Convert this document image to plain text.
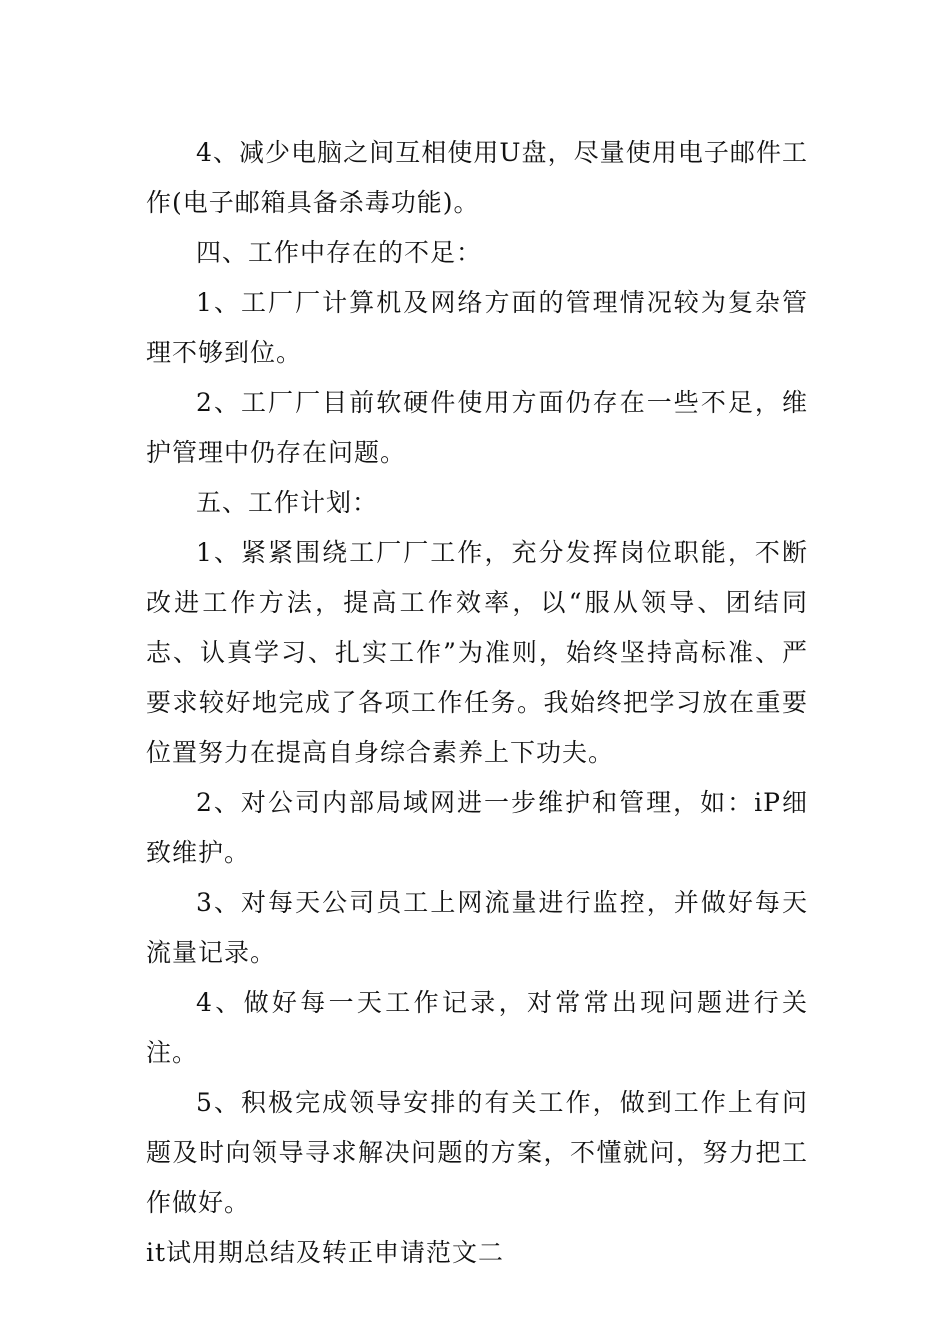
4、减少电脑之间互相使用U盘，尽量使用电子邮件工作(电子邮箱具备杀毒功能)。

四、工作中存在的不足：

1、工厂厂计算机及网络方面的管理情况较为复杂管理不够到位。

2、工厂厂目前软硬件使用方面仍存在一些不足，维护管理中仍存在问题。

五、工作计划：

1、紧紧围绕工厂厂工作，充分发挥岗位职能，不断改进工作方法，提高工作效率，以“服从领导、团结同志、认真学习、扎实工作”为准则，始终坚持高标准、严要求较好地完成了各项工作任务。我始终把学习放在重要位置努力在提高自身综合素养上下功夫。

2、对公司内部局域网进一步维护和管理，如：iP细致维护。

3、对每天公司员工上网流量进行监控，并做好每天流量记录。

4、做好每一天工作记录，对常常出现问题进行关注。

5、积极完成领导安排的有关工作，做到工作上有问题及时向领导寻求解决问题的方案，不懂就问，努力把工作做好。

it试用期总结及转正申请范文二
